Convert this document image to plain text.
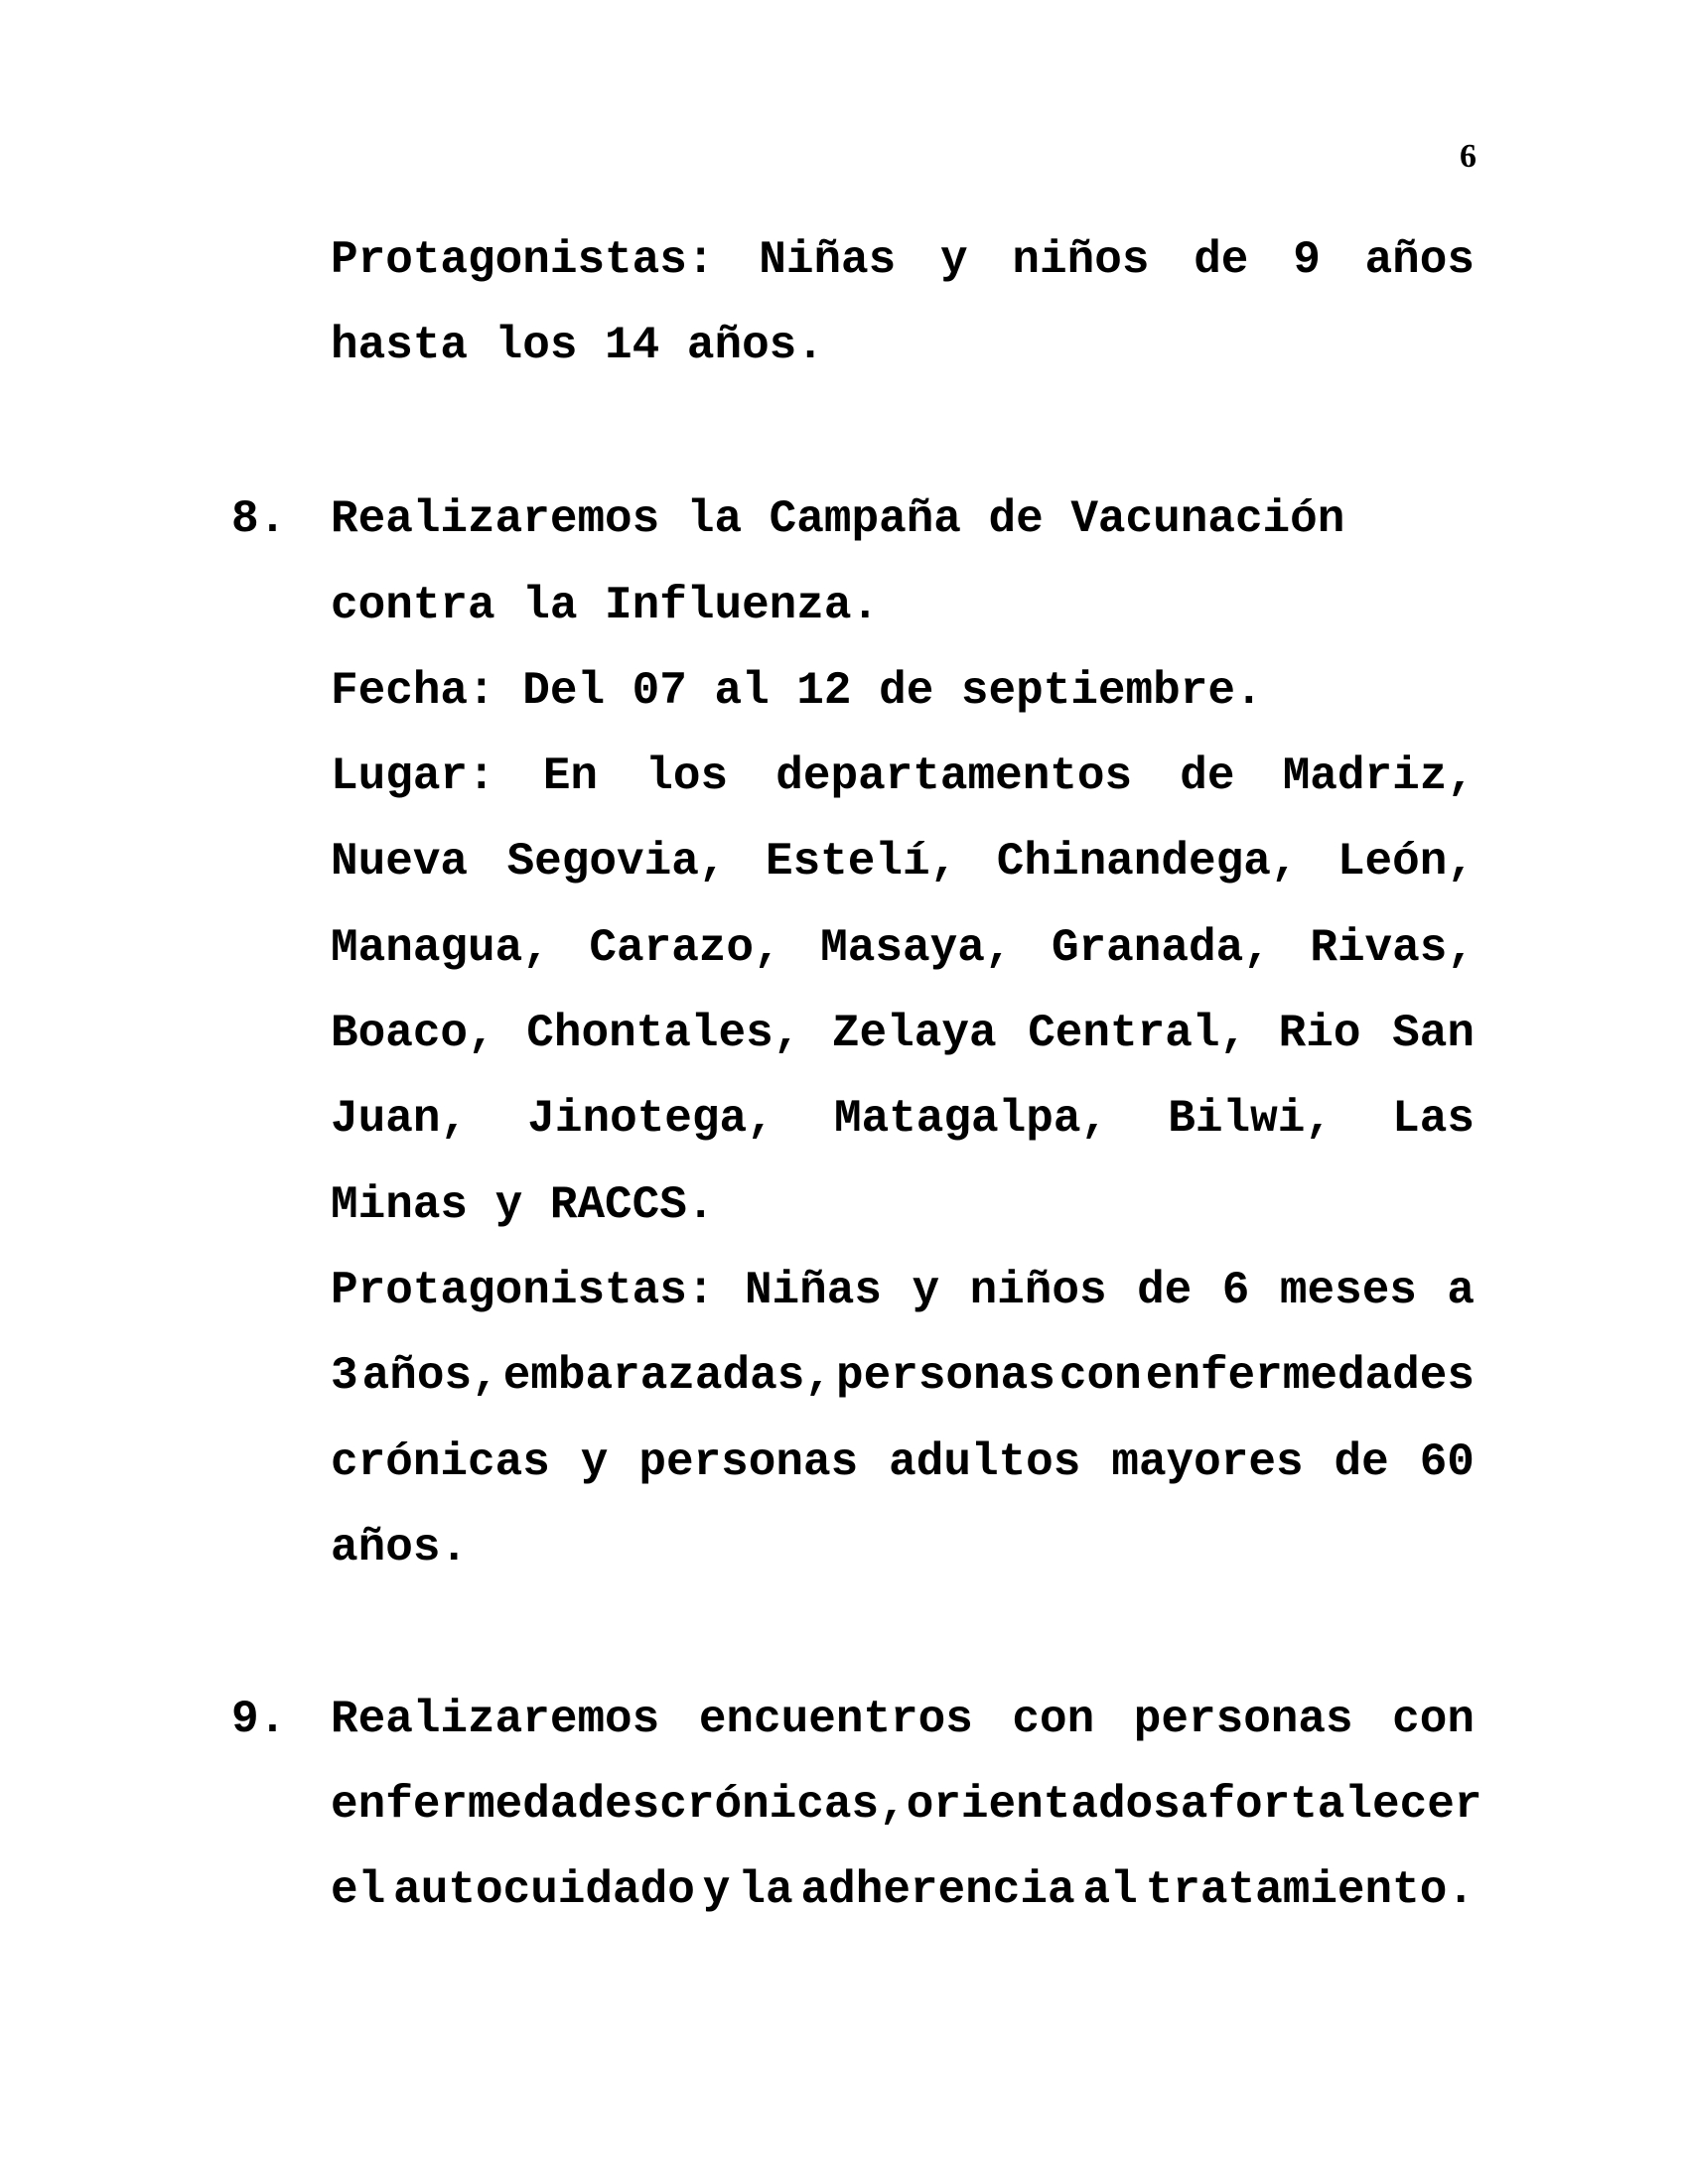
6
Protagonistas: Niñas y niños de 9 años
hasta los 14 años.
8. Realizaremos la Campaña de Vacunación
contra la Influenza.
Fecha: Del 07 al 12 de septiembre.
Lugar: En los departamentos de Madriz,
Nueva Segovia, Estelí, Chinandega, León,
Managua, Carazo, Masaya, Granada, Rivas,
Boaco, Chontales, Zelaya Central, Rio San
Juan, Jinotega, Matagalpa, Bilwi, Las
Minas y RACCS.
Protagonistas: Niñas y niños de 6 meses a
3 años, embarazadas, personas con enfermedades
crónicas y personas adultos mayores de 60
años.
9. Realizaremos encuentros con personas con
enfermedades crónicas, orientados a fortalecer
el autocuidado y la adherencia al tratamiento.
